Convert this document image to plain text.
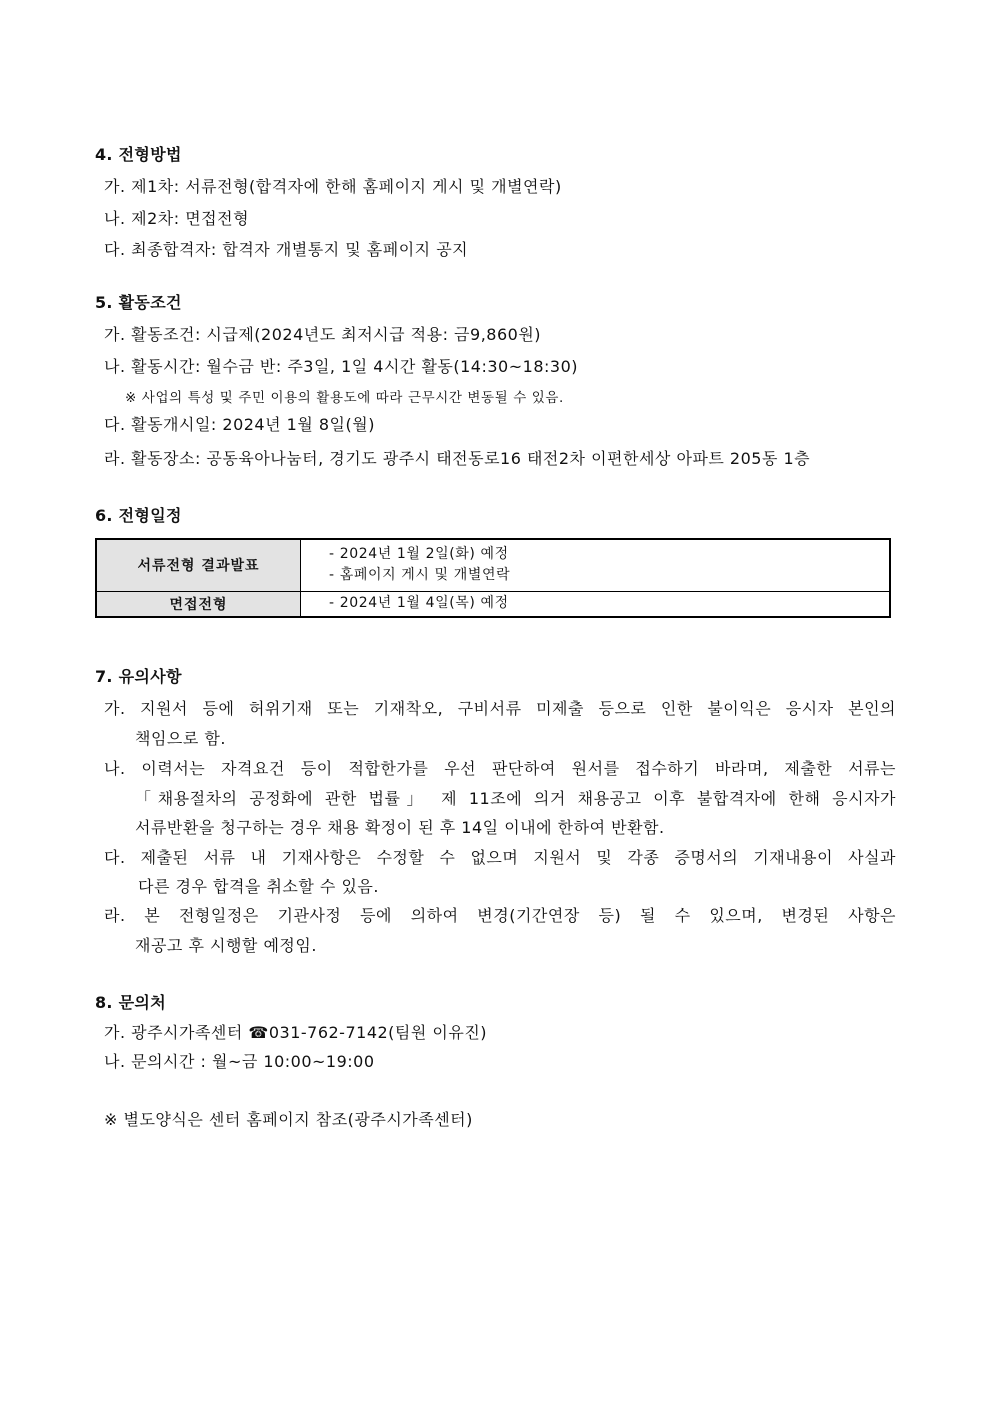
4. 전형방법
가. 제1차: 서류전형(합격자에 한해 홈페이지 게시 및 개별연락)
나. 제2차: 면접전형
다. 최종합격자: 합격자 개별통지 및 홈페이지 공지
5. 활동조건
가. 활동조건: 시급제(2024년도 최저시급 적용: 금9,860원)
나. 활동시간: 월수금 반: 주3일, 1일 4시간 활동(14:30~18:30)
※ 사업의 특성 및 주민 이용의 활용도에 따라 근무시간 변동될 수 있음.
다. 활동개시일: 2024년 1월 8일(월)
라. 활동장소: 공동육아나눔터, 경기도 광주시 태전동로16 태전2차 이편한세상 아파트 205동 1층
6. 전형일정
서류전형 결과발표	- 2024년 1월 2일(화) 예정
- 홈페이지 게시 및 개별연락

면접전형	- 2024년 1월 4일(목) 예정
7. 유의사항
가. 지원서 등에 허위기재 또는 기재착오, 구비서류 미제출 등으로 인한 불이익은 응시자 본인의
책임으로 함.
나. 이력서는 자격요건 등이 적합한가를 우선 판단하여 원서를 접수하기 바라며, 제출한 서류는
「채용절차의 공정화에 관한 법률」 제 11조에 의거 채용공고 이후 불합격자에 한해 응시자가
서류반환을 청구하는 경우 채용 확정이 된 후 14일 이내에 한하여 반환함.
다. 제출된 서류 내 기재사항은 수정할 수 없으며 지원서 및 각종 증명서의 기재내용이 사실과
다른 경우 합격을 취소할 수 있음.
라. 본 전형일정은 기관사정 등에 의하여 변경(기간연장 등) 될 수 있으며, 변경된 사항은
재공고 후 시행할 예정임.
8. 문의처
가. 광주시가족센터 ☎031-762-7142(팀원 이유진)
나. 문의시간 : 월~금 10:00~19:00
※ 별도양식은 센터 홈페이지 참조(광주시가족센터)
